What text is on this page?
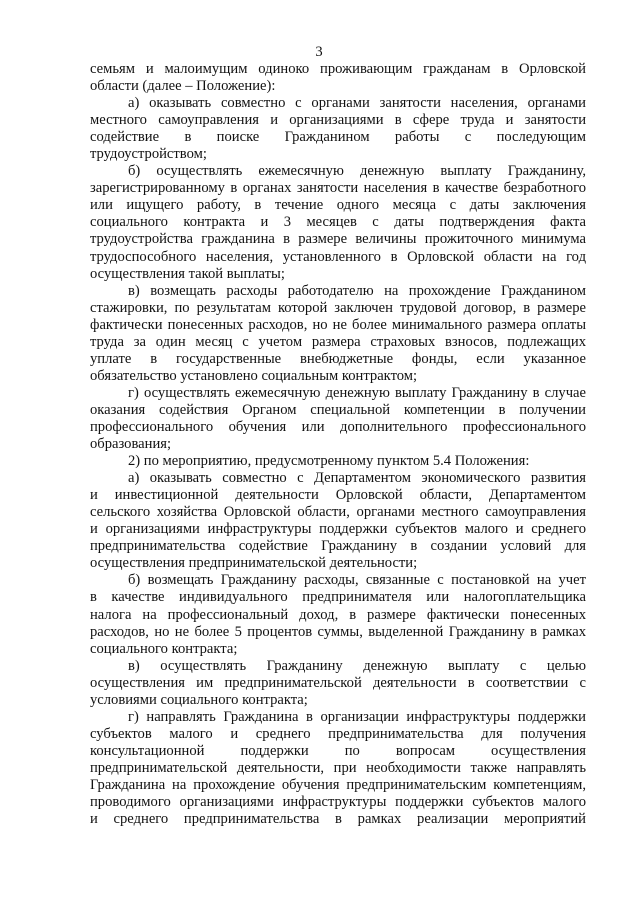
3
семьям и малоимущим одиноко проживающим гражданам в Орловской
области (далее – Положение):
а) оказывать совместно с органами занятости населения, органами
местного самоуправления и организациями в сфере труда и занятости
содействие в поиске Гражданином работы с последующим
трудоустройством;
б) осуществлять ежемесячную денежную выплату Гражданину,
зарегистрированному в органах занятости населения в качестве безработного
или ищущего работу, в течение одного месяца с даты заключения
социального контракта и 3 месяцев с даты подтверждения факта
трудоустройства гражданина в размере величины прожиточного минимума
трудоспособного населения, установленного в Орловской области на год
осуществления такой выплаты;
в) возмещать расходы работодателю на прохождение Гражданином
стажировки, по результатам которой заключен трудовой договор, в размере
фактически понесенных расходов, но не более минимального размера оплаты
труда за один месяц с учетом размера страховых взносов, подлежащих
уплате в государственные внебюджетные фонды, если указанное
обязательство установлено социальным контрактом;
г) осуществлять ежемесячную денежную выплату Гражданину в случае
оказания содействия Органом специальной компетенции в получении
профессионального обучения или дополнительного профессионального
образования;
2) по мероприятию, предусмотренному пунктом 5.4 Положения:
а) оказывать совместно с Департаментом экономического развития
и инвестиционной деятельности Орловской области, Департаментом
сельского хозяйства Орловской области, органами местного самоуправления
и организациями инфраструктуры поддержки субъектов малого и среднего
предпринимательства содействие Гражданину в создании условий для
осуществления предпринимательской деятельности;
б) возмещать Гражданину расходы, связанные с постановкой на учет
в качестве индивидуального предпринимателя или налогоплательщика
налога на профессиональный доход, в размере фактически понесенных
расходов, но не более 5 процентов суммы, выделенной Гражданину в рамках
социального контракта;
в) осуществлять Гражданину денежную выплату с целью
осуществления им предпринимательской деятельности в соответствии с
условиями социального контракта;
г) направлять Гражданина в организации инфраструктуры поддержки
субъектов малого и среднего предпринимательства для получения
консультационной поддержки по вопросам осуществления
предпринимательской деятельности, при необходимости также направлять
Гражданина на прохождение обучения предпринимательским компетенциям,
проводимого организациями инфраструктуры поддержки субъектов малого
и среднего предпринимательства в рамках реализации мероприятий
